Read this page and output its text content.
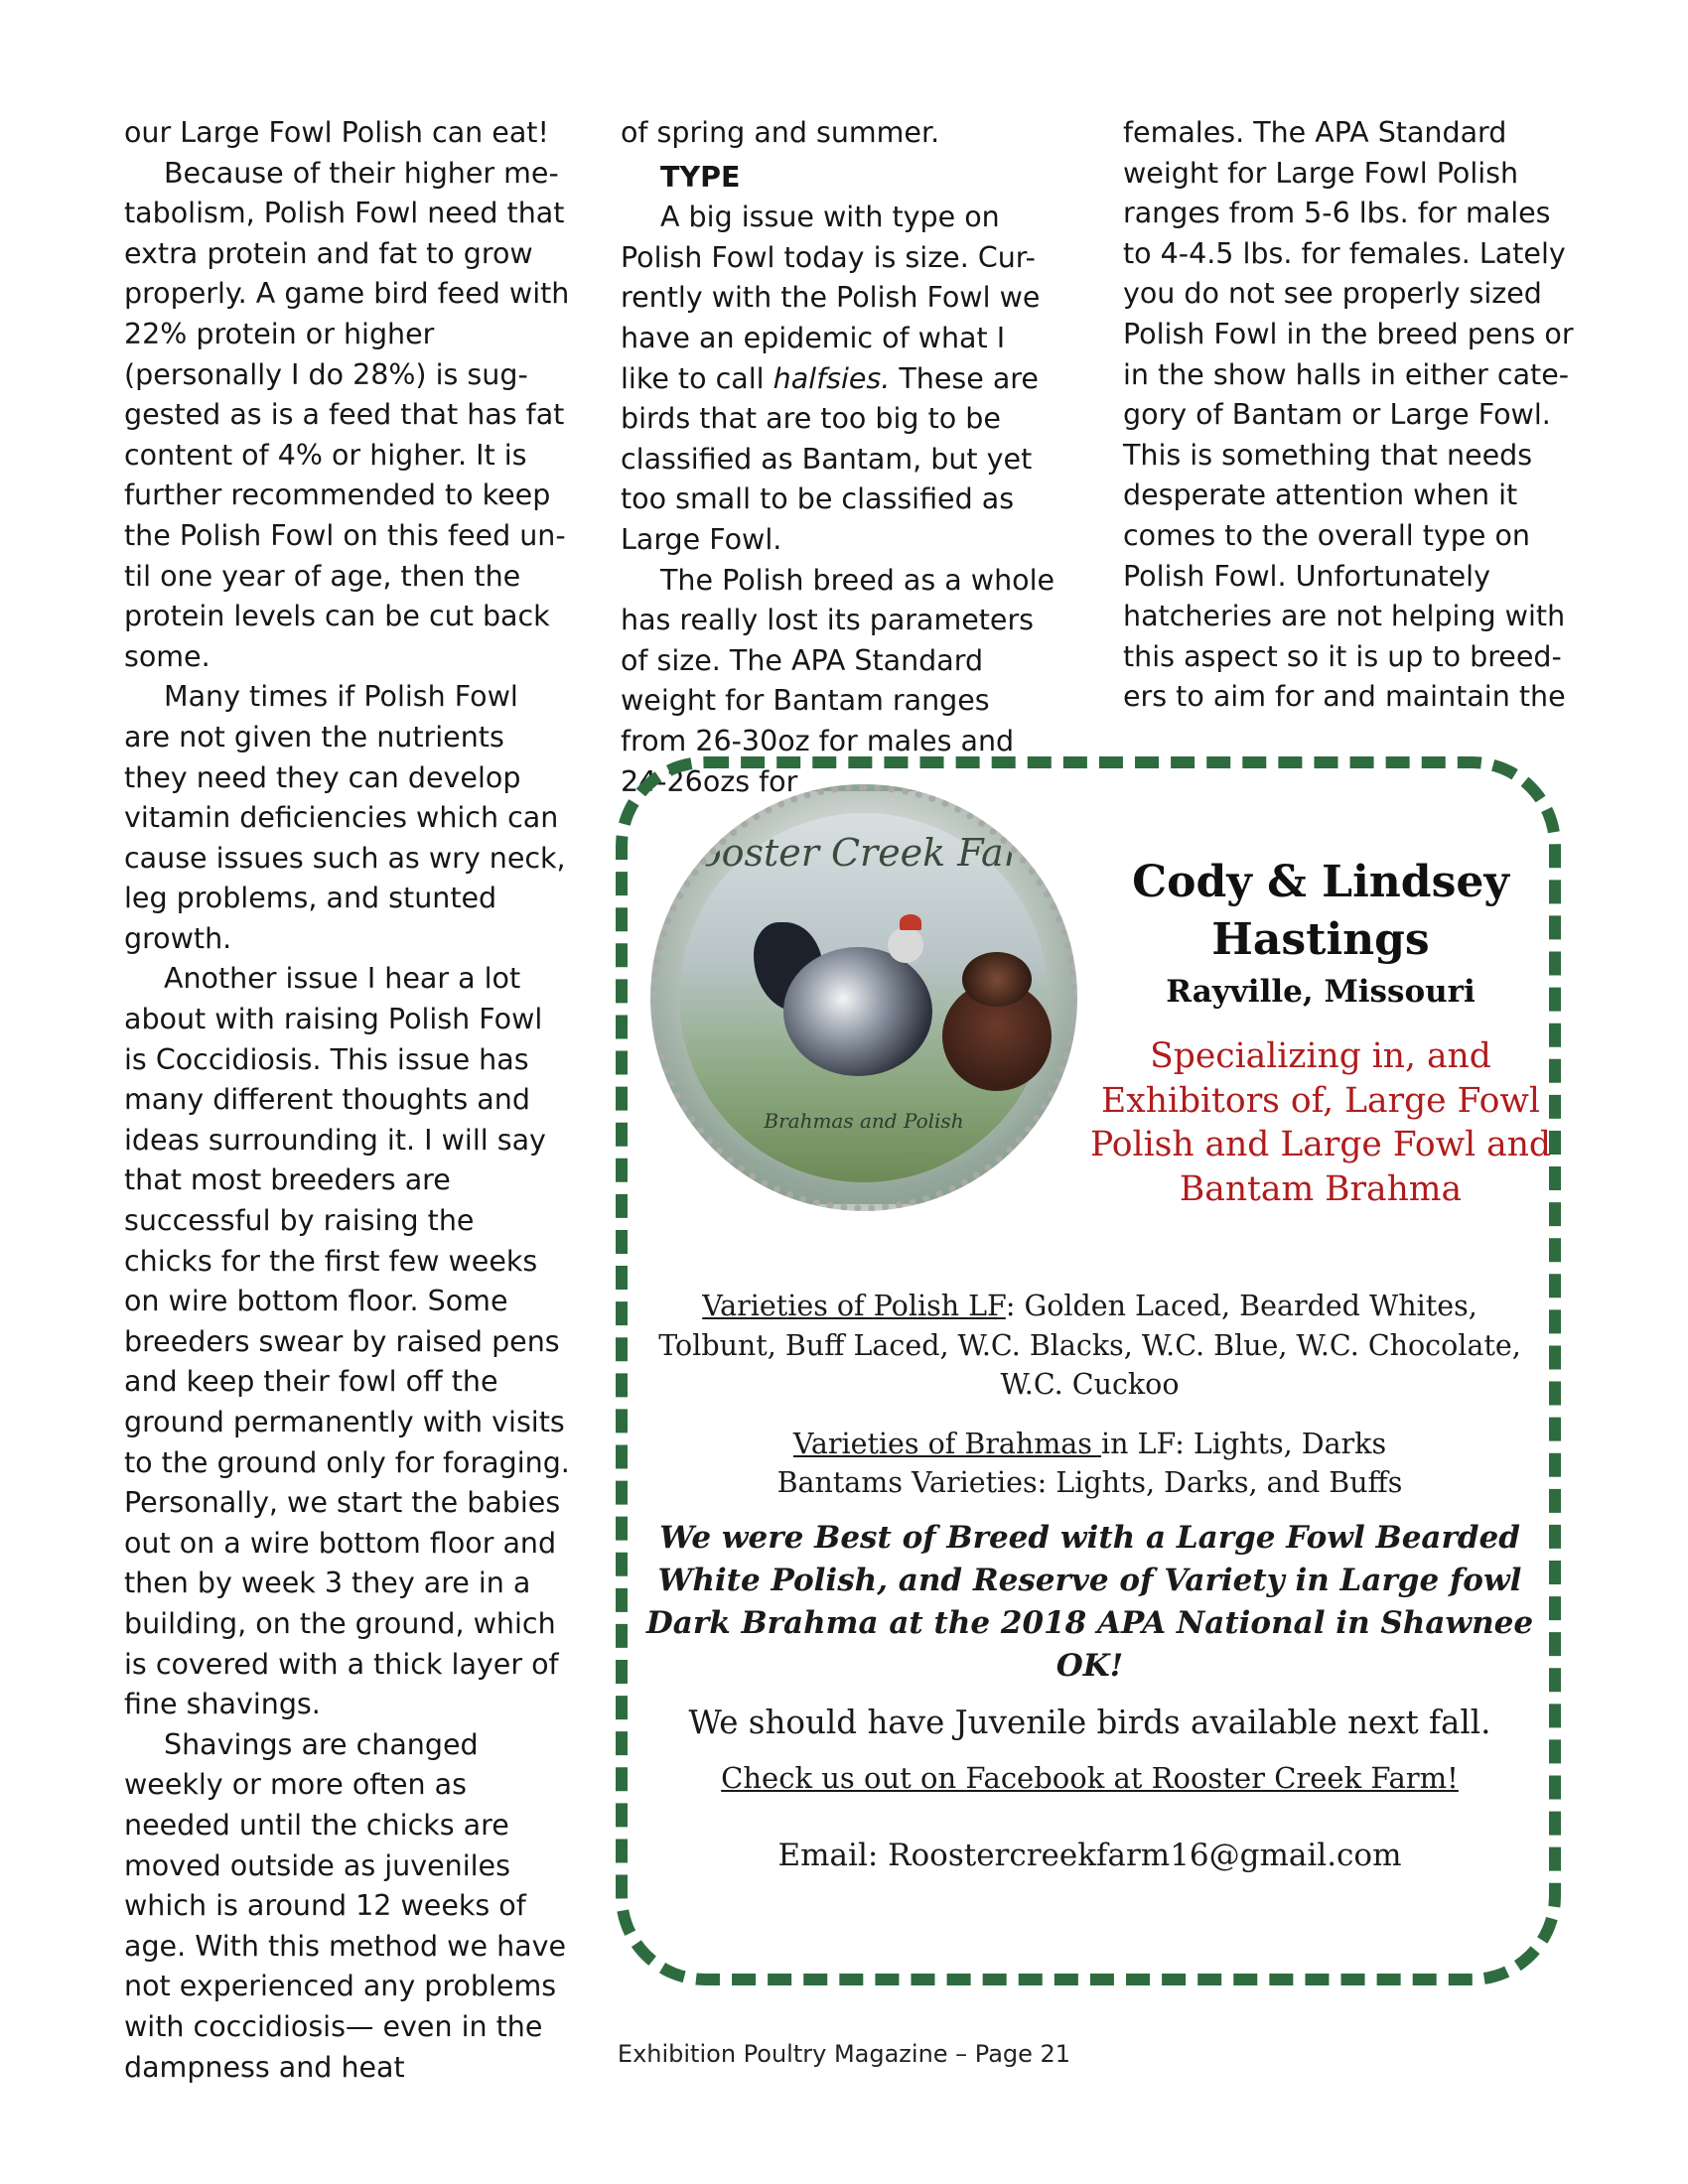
our Large Fowl Polish can eat!

Because of their higher me-tabolism, Polish Fowl need that extra protein and fat to grow properly. A game bird feed with 22% protein or higher (personally I do 28%) is sug-gested as is a feed that has fat content of 4% or higher. It is further recommended to keep the Polish Fowl on this feed un-til one year of age, then the protein levels can be cut back some.

Many times if Polish Fowl are not given the nutrients they need they can develop vitamin deficiencies which can cause issues such as wry neck, leg problems, and stunted growth.

Another issue I hear a lot about with raising Polish Fowl is Coccidiosis. This issue has many different thoughts and ideas surrounding it. I will say that most breeders are successful by raising the chicks for the first few weeks on wire bottom floor. Some breeders swear by raised pens and keep their fowl off the ground permanently with visits to the ground only for foraging. Personally, we start the babies out on a wire bottom floor and then by week 3 they are in a building, on the ground, which is covered with a thick layer of fine shavings.

Shavings are changed weekly or more often as needed until the chicks are moved outside as juveniles which is around 12 weeks of age. With this method we have not experienced any problems with coccidiosis— even in the dampness and heat

of spring and summer.

TYPE

A big issue with type on Polish Fowl today is size. Cur-rently with the Polish Fowl we have an epidemic of what I like to call halfsies. These are birds that are too big to be classified as Bantam, but yet too small to be classified as Large Fowl.

The Polish breed as a whole has really lost its parameters of size. The APA Standard weight for Bantam ranges from 26-30oz for males and 24-26ozs for

females. The APA Standard weight for Large Fowl Polish ranges from 5-6 lbs. for males to 4-4.5 lbs. for females. Lately you do not see properly sized Polish Fowl in the breed pens or in the show halls in either cate-gory of Bantam or Large Fowl. This is something that needs desperate attention when it comes to the overall type on Polish Fowl. Unfortunately hatcheries are not helping with this aspect so it is up to breed-ers to aim for and maintain the

Rooster Creek Farm
Brahmas and Polish
Cody & Lindsey Hastings
Rayville, Missouri
Specializing in, and Exhibitors of, Large Fowl Polish and Large Fowl and Bantam Brahma
Varieties of Polish LF: Golden Laced, Bearded Whites, Tolbunt, Buff Laced, W.C. Blacks, W.C. Blue, W.C. Chocolate, W.C. Cuckoo
Varieties of Brahmas in LF: Lights, Darks
Bantams Varieties: Lights, Darks, and Buffs
We were Best of Breed with a Large Fowl Bearded White Polish, and Reserve of Variety in Large fowl Dark Brahma at the 2018 APA National in Shawnee OK!
We should have Juvenile birds available next fall.
Check us out on Facebook at Rooster Creek Farm!
Email: Roostercreekfarm16@gmail.com
Exhibition Poultry Magazine – Page 21
